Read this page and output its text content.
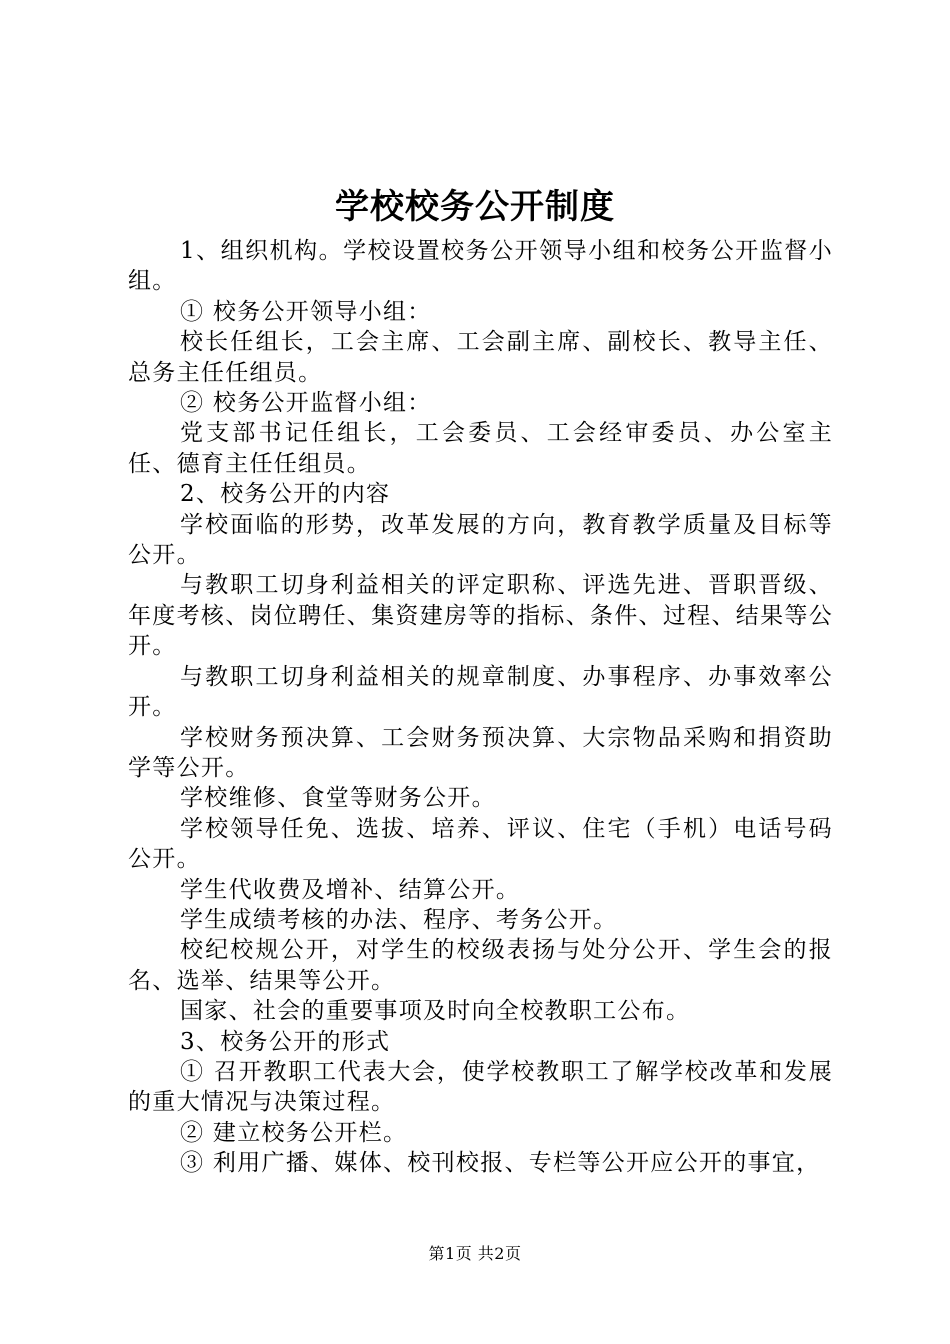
学校校务公开制度

1、组织机构。学校设置校务公开领导小组和校务公开监督小组。

① 校务公开领导小组：

校长任组长，工会主席、工会副主席、副校长、教导主任、总务主任任组员。

② 校务公开监督小组：

党支部书记任组长，工会委员、工会经审委员、办公室主任、德育主任任组员。

2、校务公开的内容

学校面临的形势，改革发展的方向，教育教学质量及目标等公开。

与教职工切身利益相关的评定职称、评选先进、晋职晋级、年度考核、岗位聘任、集资建房等的指标、条件、过程、结果等公开。

与教职工切身利益相关的规章制度、办事程序、办事效率公开。

学校财务预决算、工会财务预决算、大宗物品采购和捐资助学等公开。

学校维修、食堂等财务公开。

学校领导任免、选拔、培养、评议、住宅（手机）电话号码公开。

学生代收费及增补、结算公开。

学生成绩考核的办法、程序、考务公开。

校纪校规公开，对学生的校级表扬与处分公开、学生会的报名、选举、结果等公开。

国家、社会的重要事项及时向全校教职工公布。

3、校务公开的形式

① 召开教职工代表大会，使学校教职工了解学校改革和发展的重大情况与决策过程。

② 建立校务公开栏。

③ 利用广播、媒体、校刊校报、专栏等公开应公开的事宜，

第1页 共2页
